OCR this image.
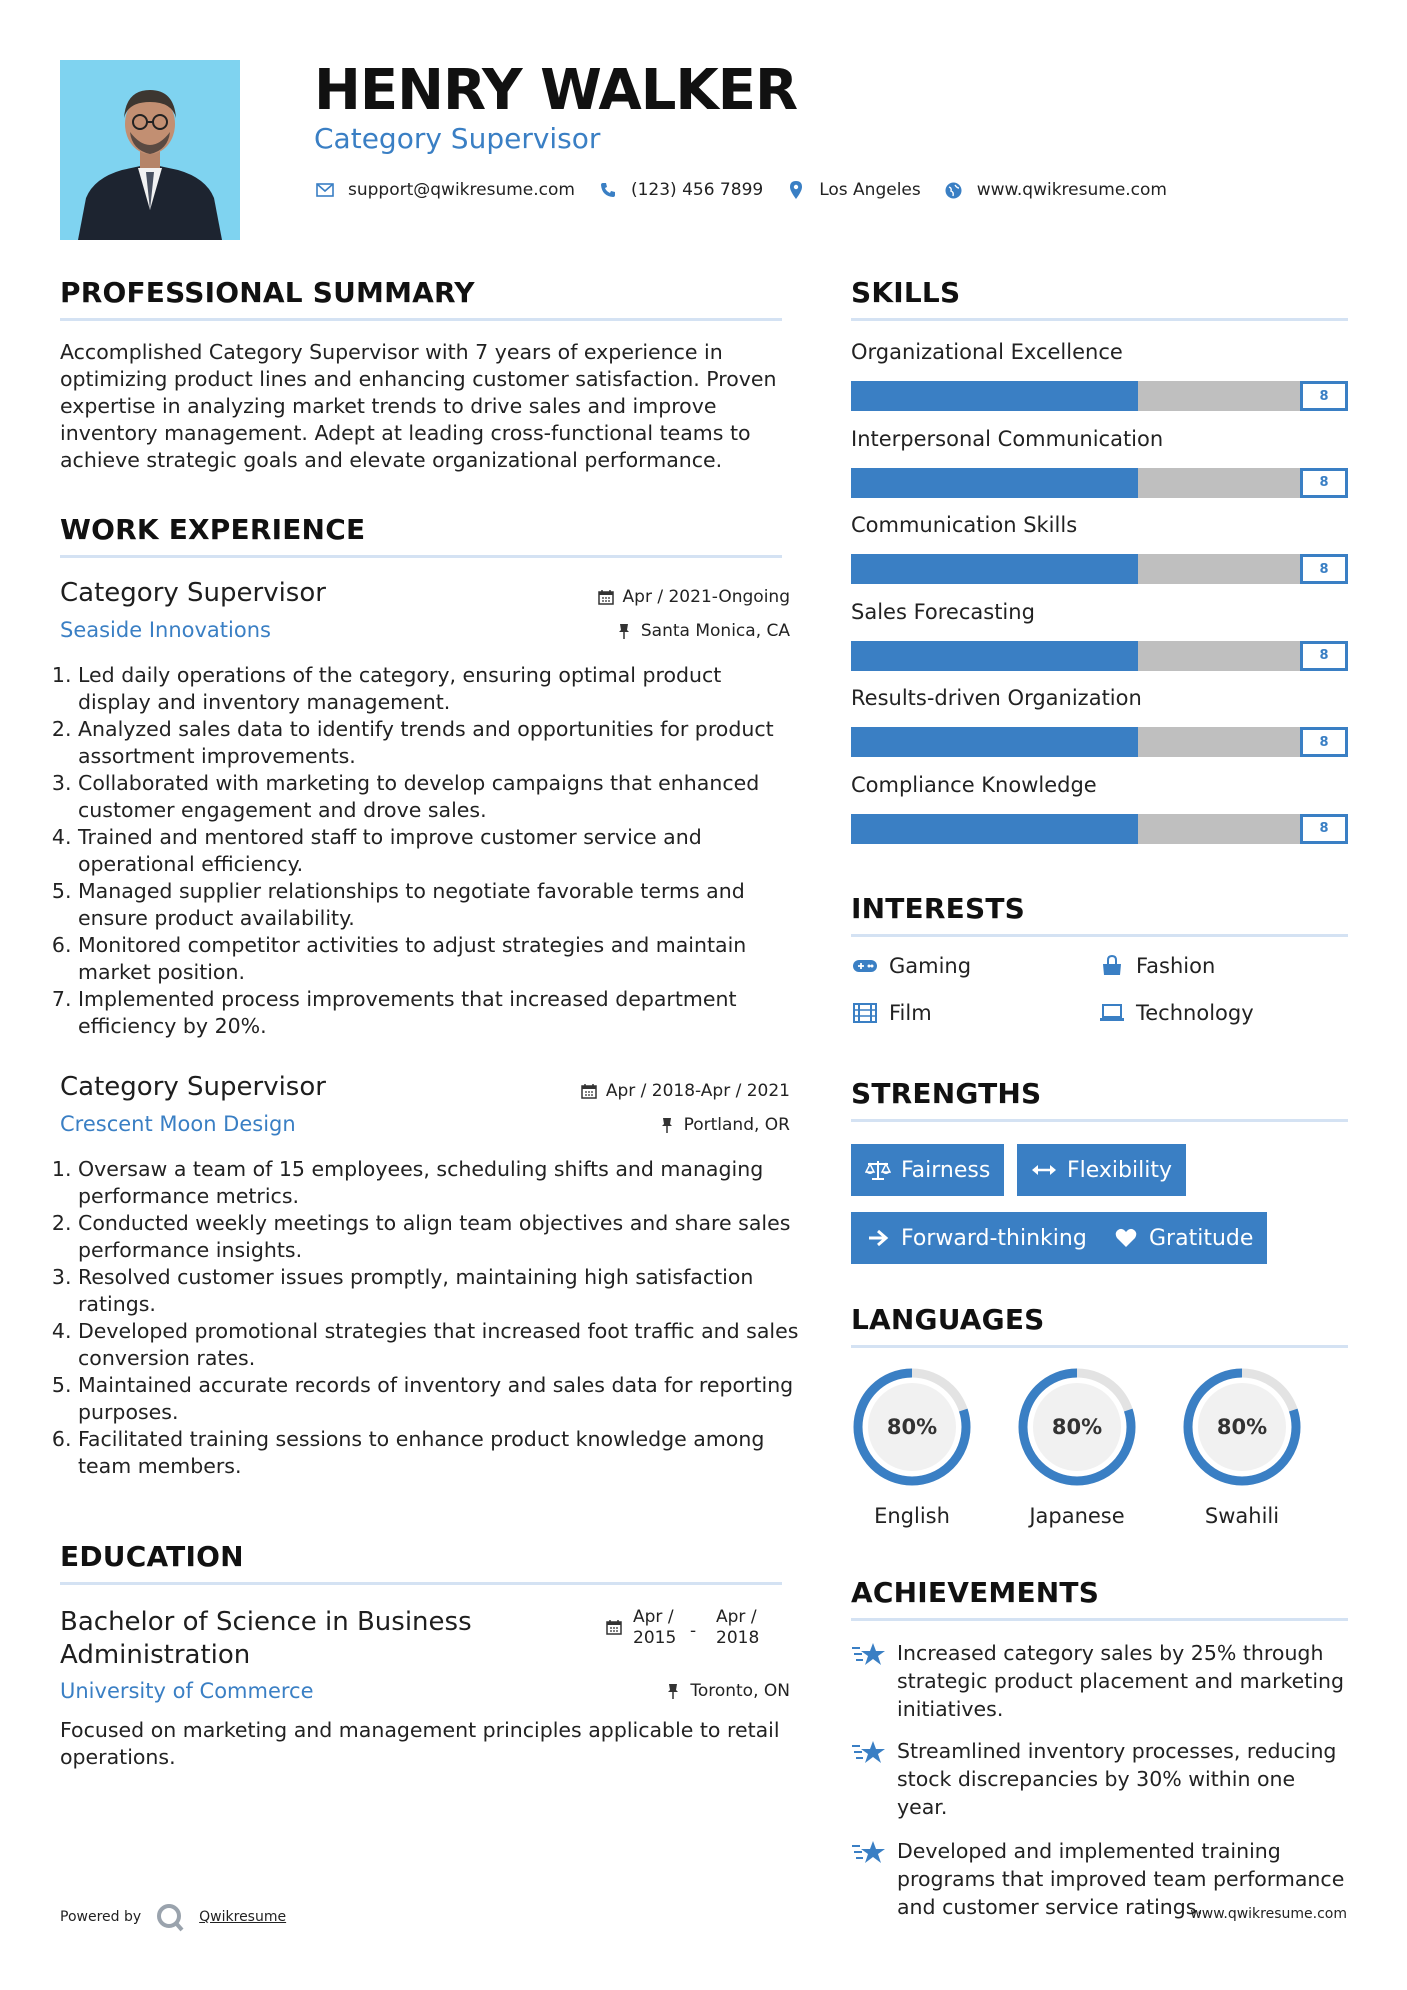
HENRY WALKER
Category Supervisor
support@qwikresume.com	(123) 456 7899	Los Angeles	www.qwikresume.com
PROFESSIONAL SUMMARY
Accomplished Category Supervisor with 7 years of experience in optimizing product lines and enhancing customer satisfaction. Proven expertise in analyzing market trends to drive sales and improve inventory management. Adept at leading cross-functional teams to achieve strategic goals and elevate organizational performance.
WORK EXPERIENCE
Category Supervisor
Seaside Innovations
Apr / 2021-Ongoing
Santa Monica, CA
1. Led daily operations of the category, ensuring optimal product display and inventory management.
2. Analyzed sales data to identify trends and opportunities for product assortment improvements.
3. Collaborated with marketing to develop campaigns that enhanced customer engagement and drove sales.
4. Trained and mentored staff to improve customer service and operational efficiency.
5. Managed supplier relationships to negotiate favorable terms and ensure product availability.
6. Monitored competitor activities to adjust strategies and maintain market position.
7. Implemented process improvements that increased department efficiency by 20%.
Category Supervisor
Crescent Moon Design
Apr / 2018-Apr / 2021
Portland, OR
1. Oversaw a team of 15 employees, scheduling shifts and managing performance metrics.
2. Conducted weekly meetings to align team objectives and share sales performance insights.
3. Resolved customer issues promptly, maintaining high satisfaction ratings.
4. Developed promotional strategies that increased foot traffic and sales conversion rates.
5. Maintained accurate records of inventory and sales data for reporting purposes.
6. Facilitated training sessions to enhance product knowledge among team members.
EDUCATION
Bachelor of Science in Business Administration
University of Commerce
Apr /
2015 -
Apr /
2018
Toronto, ON
Focused on marketing and management principles applicable to retail operations.
SKILLS
Organizational Excellence
8
Interpersonal Communication
8
Communication Skills
8
Sales Forecasting
8
Results-driven Organization
8
Compliance Knowledge
8
INTERESTS
Gaming	Fashion
Film	Technology
STRENGTHS
Fairness	Flexibility
Forward-thinking	Gratitude
LANGUAGES
80%
English
80%
Japanese
80%
Swahili
ACHIEVEMENTS
Increased category sales by 25% through strategic product placement and marketing initiatives.
Streamlined inventory processes, reducing stock discrepancies by 30% within one year.
Developed and implemented training programs that improved team performance and customer service ratings.
Powered by	Qwikresume	www.qwikresume.com
